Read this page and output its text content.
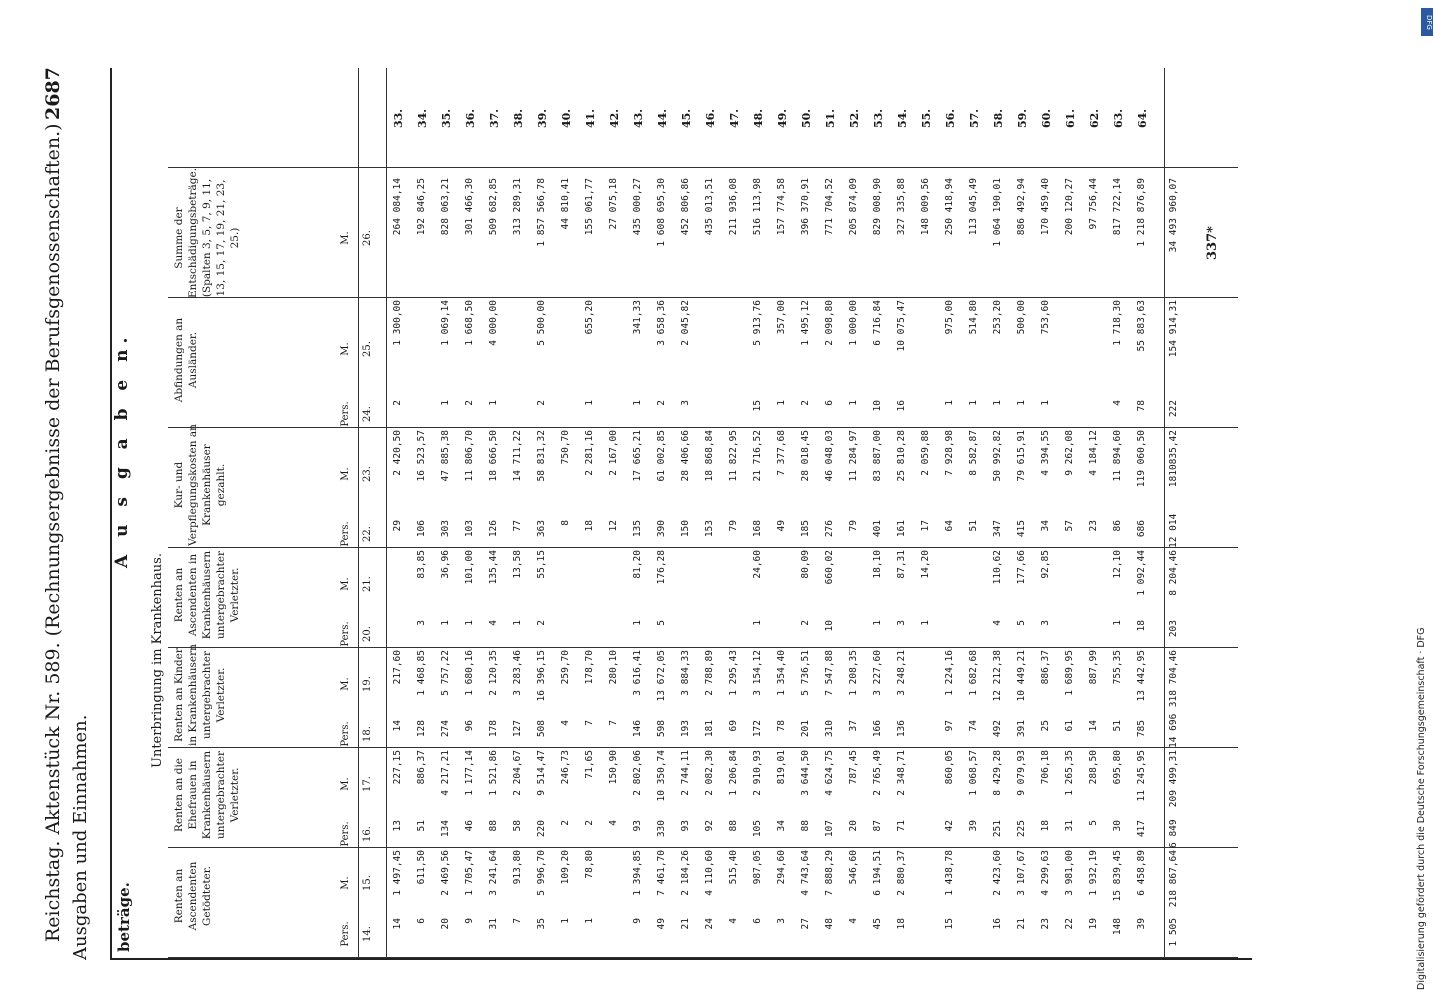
Reichstag. Aktenstück Nr. 589. (Rechnungsergebnisse der Berufsgenossenschaften.)
2687
Ausgaben und Einnahmen. beträge.
A u s g a b e n.
Unterbringung im Krankenhaus.
Renten an Ascendenten Getödteter.
Pers. 14.
M. 15.
Renten an die Ehefrauen in Krankenhäusern untergebrachter Verletzter.
Pers. 16.
M. 17.
Renten an Kinder in Krankenhäusern untergebrachter Verletzter.
Pers. 18.
M. 19.
Renten an Ascendenten in Krankenhäusern untergebrachter Verletzter.
Pers. 20.
M. 21.
Kur- und Verpflegungskosten an Krankenhäuser gezahlt.
Pers. 22.
M. 23.
Abfindungen an Ausländer.
Pers. 24.
M. 25.
Summe der Entschädigungsbeträge. (Spalten 3, 5, 7, 9, 11, 13, 15, 17, 19, 21, 23, 25.)	M. 26.
14
1 497,45
13
227,15
14
217,60
29
2 420,50
2
1 300,00
264 084,14
33.
6
611,50
51
886,37
128
1 468,85
3
83,85
106
16 523,57
192 846,25
34.
20
2 469,56
134
4 217,21
274
5 757,22
1
36,96
303
47 885,38
1
1 069,14
828 063,21
35.
9
1 705,47
46
1 177,14
96
1 680,16
1
101,00
103
11 806,70
2
1 668,50
301 466,30
36.
31
3 241,64
88
1 521,86
178
2 120,35
4
135,44
126
18 666,50
1
4 000,00
509 682,85
37.
7
913,80
58
2 204,67
127
3 283,46
1
13,58
77
14 711,22
313 289,31
38.
35
5 996,70
220
9 514,47
508
16 396,15
2
55,15
363
58 831,32
2
5 500,00
1 857 566,78
39.
1
109,20
2
246,73
4
259,70
8
750,70
44 810,41
40.
1
78,80
2
71,65
7
178,70
18
2 281,16
1
655,20
155 061,77
41.
4
150,90
7
280,10
12
2 167,00
27 075,18
42.
9
1 394,85
93
2 802,06
146
3 616,41
1
81,20
135
17 665,21
1
341,33
435 000,27
43.
49
7 461,70
330
10 350,74
598
13 672,05
5
176,28
390
61 002,85
2
3 658,36
1 608 695,30
44.
21
2 184,26
93
2 744,11
193
3 884,33
150
28 406,66
3
2 045,82
452 806,86
45.
24
4 110,60
92
2 082,30
181
2 788,89
153
18 868,84
435 013,51
46.
4
515,40
88
1 206,84
69
1 295,43
79
11 822,95
211 936,08
47.
6
987,05
105
2 910,93
172
3 154,12
1
24,60
168
21 716,52
15
5 913,76
516 113,98
48.
3
294,60
34
819,01
78
1 354,40
49
7 377,68
1
357,00
157 774,58
49.
27
4 743,64
88
3 644,50
201
5 736,51
2
80,09
185
28 018,45
2
1 495,12
396 370,91
50.
48
7 888,29
107
4 624,75
310
7 547,88
10
660,02
276
46 048,03
6
2 098,80
771 704,52
51.
4
546,60
20
787,45
37
1 208,35
79
11 284,97
1
1 000,00
205 874,09
52.
45
6 194,51
87
2 765,49
166
3 227,60
1
18,10
401
83 887,00
10
6 716,84
829 008,90
53.
18
2 880,37
71
2 348,71
136
3 248,21
3
87,31
161
25 810,28
16
10 075,47
327 335,88
54.
1
14,20
17
2 059,88
148 009,56
55.
15
1 438,78
42
860,05
97
1 224,16
64
7 928,98
1
975,00
250 418,94
56.
39
1 068,57
74
1 682,68
51
8 582,87
1
514,80
113 045,49
57.
16
2 423,60
251
8 429,28
492
12 212,38
4
110,62
347
50 992,82
1
253,20
1 064 190,01
58.
21
3 107,67
225
9 079,93
391
10 449,21
5
177,66
415
79 615,91
1
500,00
886 492,94
59.
23
4 299,63
18
706,18
25
886,37
3
92,85
34
4 394,55
1
753,60
170 459,40
60.
22
3 981,00
31
1 265,35
61
1 689,95
57
9 262,08
200 120,27
61.
19
1 932,19
5
288,50
14
887,99
23
4 184,12
97 756,44
62.
148
15 839,45
30
695,80
51
755,35
1
12,10
86
11 894,60
4
1 718,30
817 722,14
63.
39
6 458,89
417
11 245,95
785
13 442,95
18
1 092,44
686
119 060,50
78
55 883,63
1 218 876,89
64.
1 505
218 867,64
6 849
209 499,31
14 696
318 704,46
203
8 204,46
12 014
1810835,42
222
154 914,31
34 493 960,07 337*
DFG
Digitalisierung gefördert durch die Deutsche Forschungsgemeinschaft · DFG
